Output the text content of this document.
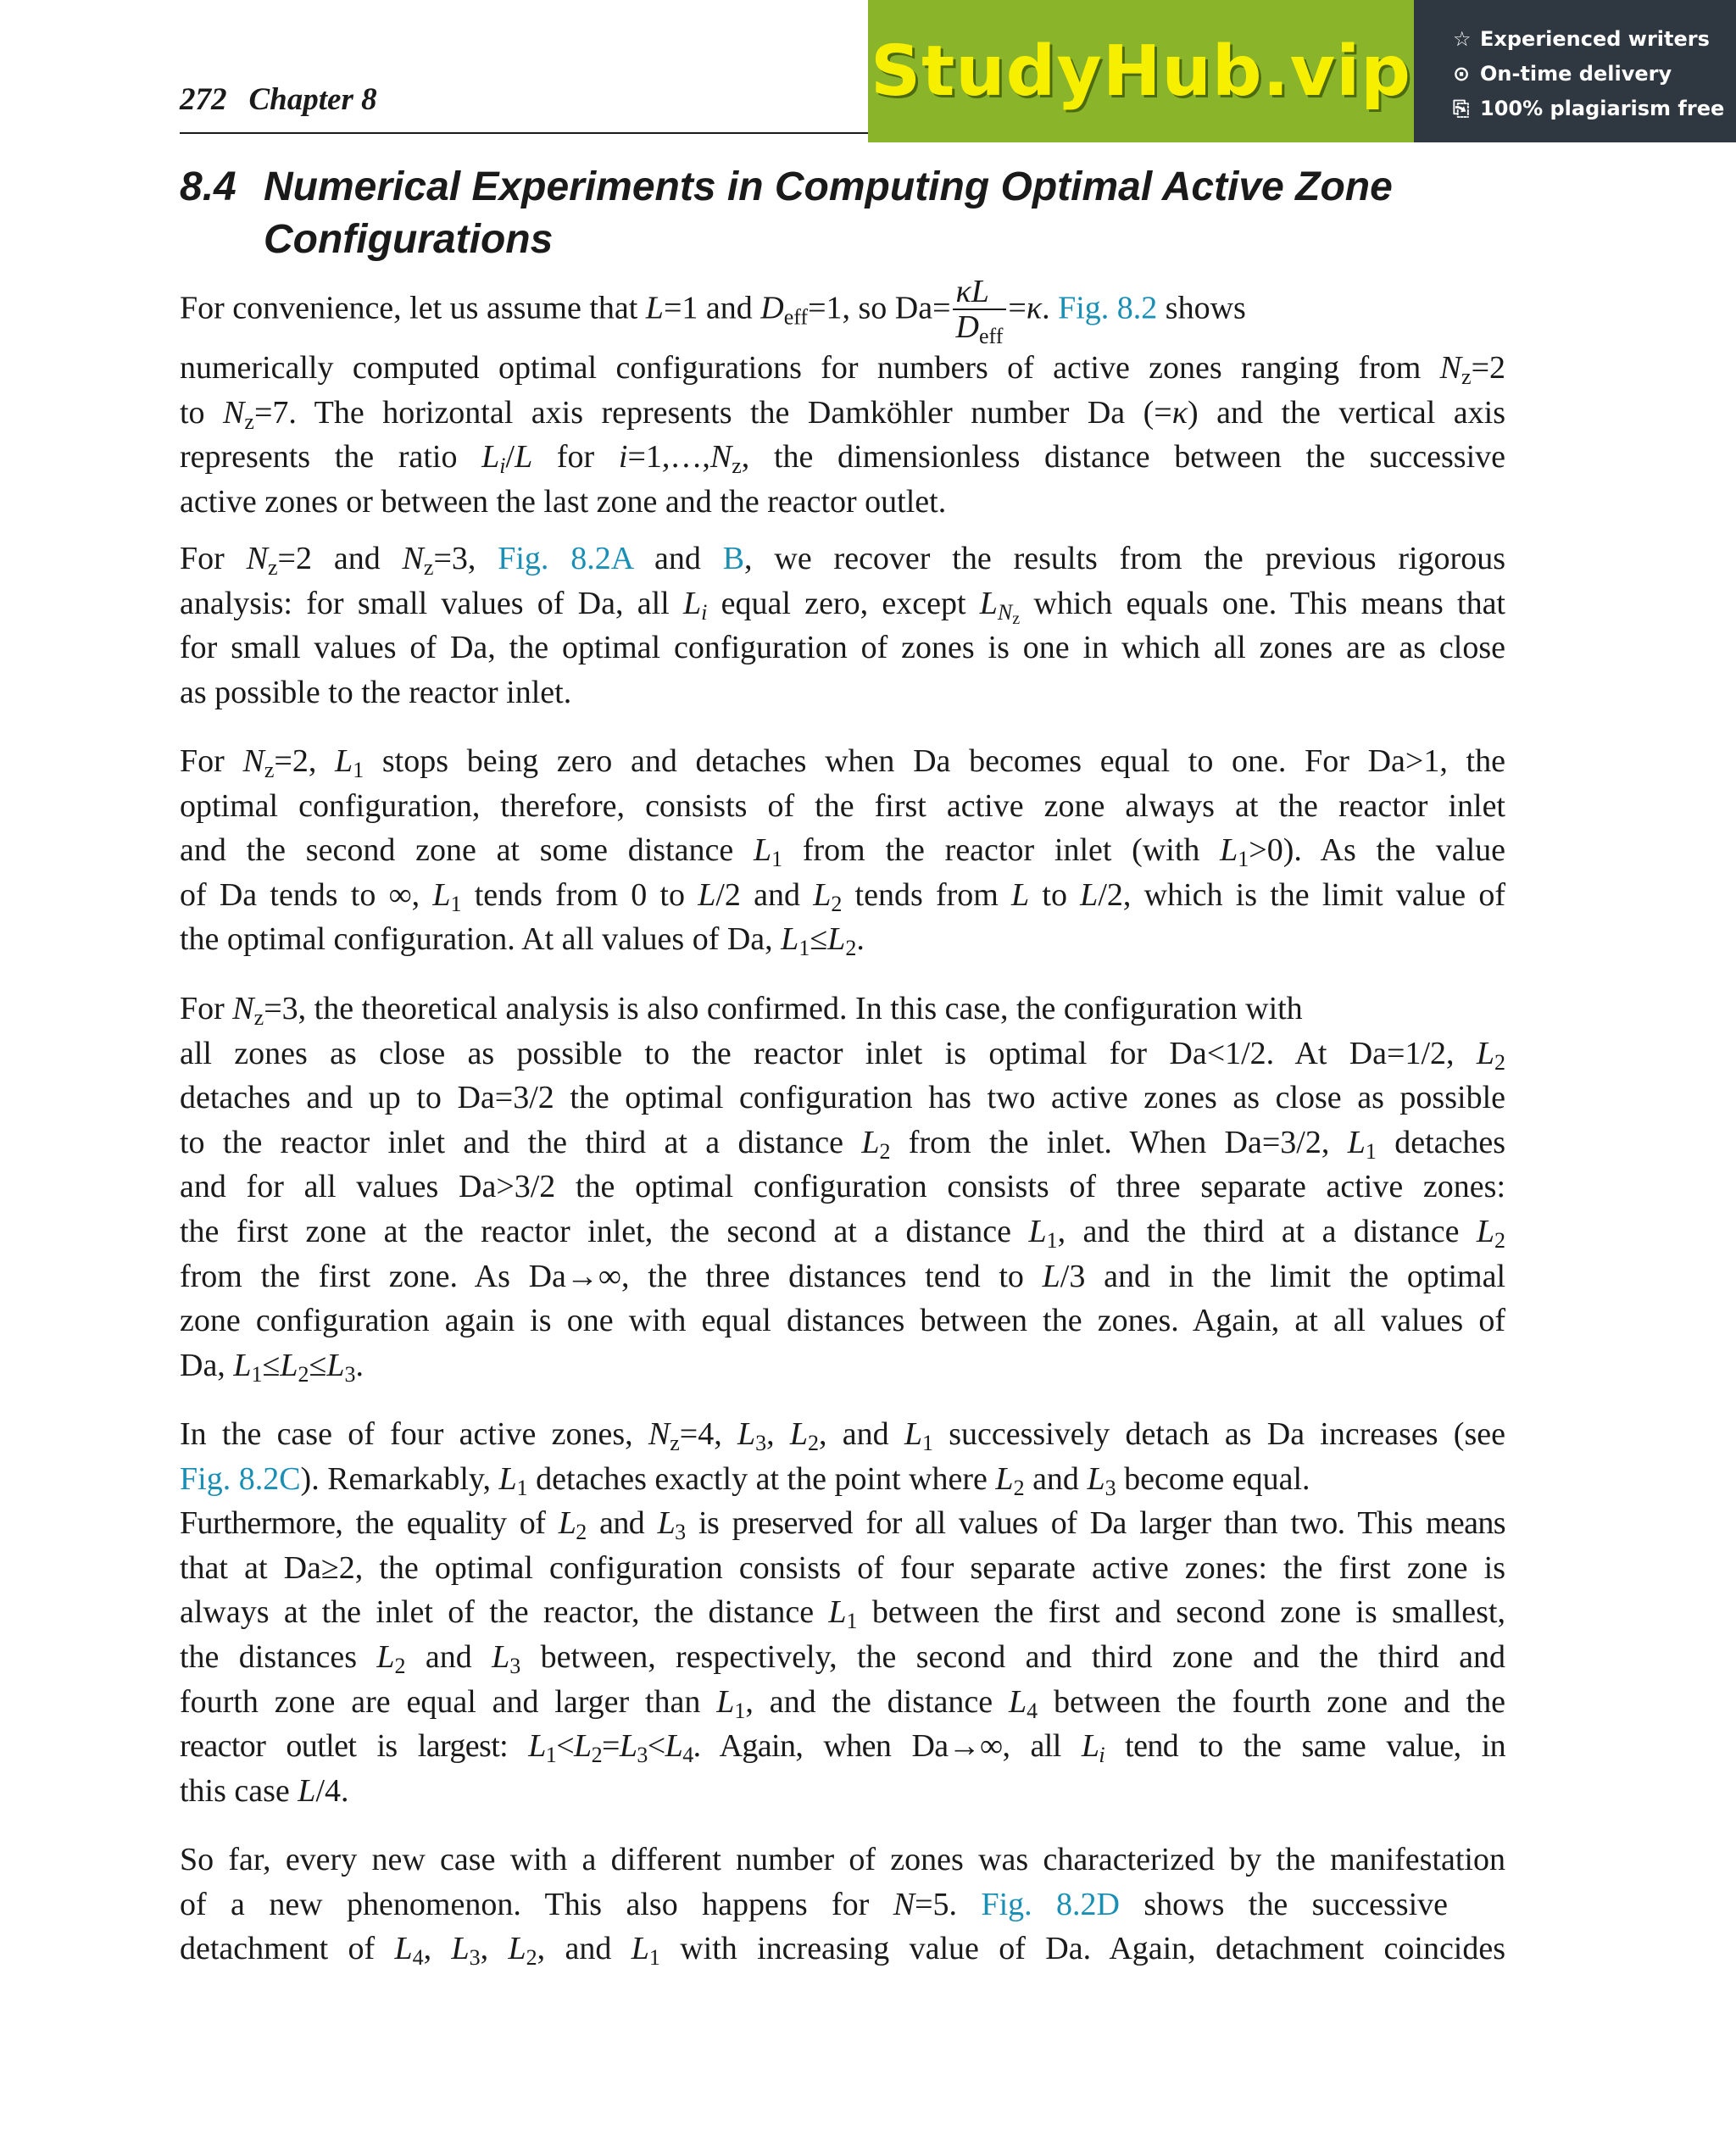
272 Chapter 8	StudyHub.vip ☆ Experienced writers
⊙ On-time delivery
⎘ 100% plagiarism free
8.4 Numerical Experiments in Computing Optimal Active Zone
Configurations
For convenience, let us assume that L=1 and $D_{eff}=1$, so $Da= \frac{\kappa L}{D_{eff}} =\kappa$. Fig. 8.2 shows
numerically computed optimal configurations for numbers of active zones ranging from $N_z=2$
to $N_z=7$. The horizontal axis represents the Damköhler number Da (=κ) and the vertical axis
represents the ratio $L_i/L$ for $i=1,\dots,N_z$, the dimensionless distance between the successive
active zones or between the last zone and the reactor outlet.
For $N_z=2$ and $N_z=3$, Fig. 8.2A and B, we recover the results from the previous rigorous
analysis: for small values of Da, all $L_i$ equal zero, except $L_{N_z}$ which equals one. This means that
for small values of Da, the optimal configuration of zones is one in which all zones are as close
as possible to the reactor inlet.
For $N_z=2$, $L_1$ stops being zero and detaches when Da becomes equal to one. For Da>1, the
optimal configuration, therefore, consists of the first active zone always at the reactor inlet
and the second zone at some distance $L_1$ from the reactor inlet (with $L_1>0$). As the value
of Da tends to ∞, $L_1$ tends from 0 to L/2 and $L_2$ tends from L to L/2, which is the limit value of
the optimal configuration. At all values of Da, $L_1\le L_2$.
For $N_z=3$, the theoretical analysis is also confirmed. In this case, the configuration with
all zones as close as possible to the reactor inlet is optimal for Da<1/2. At Da=1/2, $L_2$
detaches and up to Da=3/2 the optimal configuration has two active zones as close as possible
to the reactor inlet and the third at a distance $L_2$ from the inlet. When Da=3/2, $L_1$ detaches
and for all values Da>3/2 the optimal configuration consists of three separate active zones:
the first zone at the reactor inlet, the second at a distance $L_1$, and the third at a distance $L_2$
from the first zone. As Da→∞, the three distances tend to L/3 and in the limit the optimal
zone configuration again is one with equal distances between the zones. Again, at all values of
Da, $L_1\le L_2\le L_3$.
In the case of four active zones, $N_z=4$, $L_3$, $L_2$, and $L_1$ successively detach as Da increases (see
Fig. 8.2C). Remarkably, $L_1$ detaches exactly at the point where $L_2$ and $L_3$ become equal.
Furthermore, the equality of $L_2$ and $L_3$ is preserved for all values of Da larger than two. This means
that at Da≥2, the optimal configuration consists of four separate active zones: the first zone is
always at the inlet of the reactor, the distance $L_1$ between the first and second zone is smallest,
the distances $L_2$ and $L_3$ between, respectively, the second and third zone and the third and
fourth zone are equal and larger than $L_1$, and the distance $L_4$ between the fourth zone and the
reactor outlet is largest: $L_1<L_2=L_3<L_4$. Again, when Da→∞, all $L_i$ tend to the same value, in
this case L/4.
So far, every new case with a different number of zones was characterized by the manifestation
of a new phenomenon. This also happens for N=5. Fig. 8.2D shows the successive
detachment of $L_4$, $L_3$, $L_2$, and $L_1$ with increasing value of Da. Again, detachment coincides
